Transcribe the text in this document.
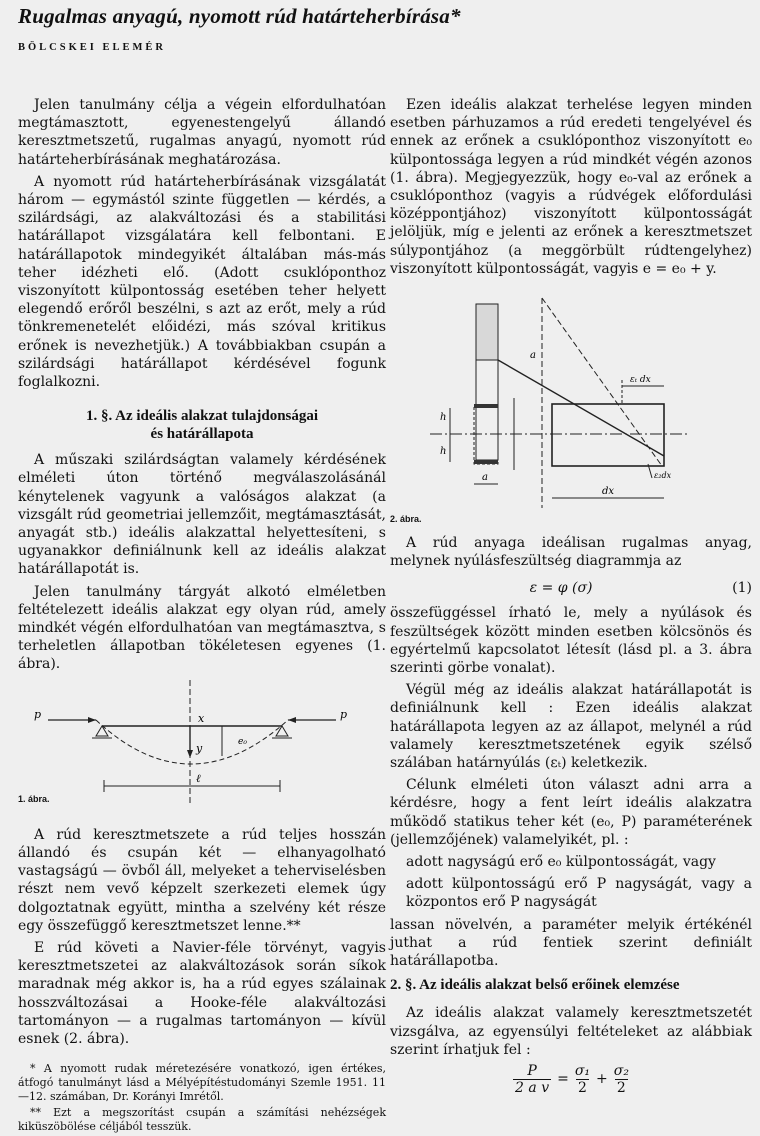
Rugalmas anyagú, nyomott rúd határteherbírása*
BÖLCSKEI ELEMÉR

Jelen tanulmány célja a végein elfordulhatóan megtámasztott, egyenestengelyű állandó keresztmetszetű, rugalmas anyagú, nyomott rúd határteherbírásának meghatározása.

A nyomott rúd határteherbírásának vizsgálatát három — egymástól szinte független — kérdés, a szilárdsági, az alakváltozási és a stabilitási határállapot vizsgálatára kell felbontani. E határállapotok mindegyikét általában más-más teher idézheti elő. (Adott csuklóponthoz viszonyított külpontosság esetében teher helyett elegendő erőről beszélni, s azt az erőt, mely a rúd tönkremenetelét előidézi, más szóval kritikus erőnek is nevezhetjük.) A továbbiakban csupán a szilárdsági határállapot kérdésével fogunk foglalkozni.

1. §. Az ideális alakzat tulajdonságai
és határállapota

A műszaki szilárdságtan valamely kérdésének elméleti úton történő megválaszolásánál kénytelenek vagyunk a valóságos alakzat (a vizsgált rúd geometriai jellemzőit, megtámasztását, anyagát stb.) ideális alakzattal helyettesíteni, s ugyanakkor definiálnunk kell az ideális alakzat határállapotát is.

Jelen tanulmány tárgyát alkotó elméletben feltételezett ideális alakzat egy olyan rúd, amely mindkét végén elfordulhatóan van megtámasztva, s terheletlen állapotban tökéletesen egyenes (1. ábra).

p	p
x
y
ℓ
e₀
1. ábra.

A rúd keresztmetszete a rúd teljes hosszán állandó és csupán két — elhanyagolható vastagságú — övből áll, melyeket a teherviselésben részt nem vevő képzelt szerkezeti elemek úgy dolgoztatnak együtt, mintha a szelvény két része egy összefüggő keresztmetszet lenne.**

E rúd követi a Navier-féle törvényt, vagyis keresztmetszetei az alakváltozások során síkok maradnak még akkor is, ha a rúd egyes szálainak hosszváltozásai a Hooke-féle alakváltozási tartományon — a rugalmas tartományon — kívül esnek (2. ábra).

* A nyomott rudak méretezésére vonatkozó, igen értékes, átfogó tanulmányt lásd a Mélyépítéstudományi Szemle 1951. 11—12. számában, Dr. Korányi Imrétől.

** Ezt a megszorítást csupán a számítási nehézségek kiküszöbölése céljából tesszük.

Ezen ideális alakzat terhelése legyen minden esetben párhuzamos a rúd eredeti tengelyével és ennek az erőnek a csuklóponthoz viszonyított e₀ külpontossága legyen a rúd mindkét végén azonos (1. ábra). Megjegyezzük, hogy e₀-val az erőnek a csuklóponthoz (vagyis a rúdvégek előfordulási középpontjához) viszonyított külpontosságát jelöljük, míg e jelenti az erőnek a keresztmetszet súlypontjához (a meggörbült rúdtengelyhez) viszonyított külpontosságát, vagyis e = e₀ + y.

a
h
h
a
εₜ dx
ε₂dx
dx
2. ábra.

A rúd anyaga ideálisan rugalmas anyag, melynek nyúlásfeszültség diagrammja az

ε = φ (σ)	(1)

összefüggéssel írható le, mely a nyúlások és feszültségek között minden esetben kölcsönös és egyértelmű kapcsolatot létesít (lásd pl. a 3. ábra szerinti görbe vonalat).

Végül még az ideális alakzat határállapotát is definiálnunk kell : Ezen ideális alakzat határállapota legyen az az állapot, melynél a rúd valamely keresztmetszetének egyik szélső szálában határnyúlás (εₜ) keletkezik.

Célunk elméleti úton választ adni arra a kérdésre, hogy a fent leírt ideális alakzatra működő statikus teher két (e₀, P) paraméterének (jellemzőjének) valamelyikét, pl. :

adott nagyságú erő e₀ külpontosságát, vagy

adott külpontosságú erő P nagyságát, vagy a központos erő P nagyságát

lassan növelvén, a paraméter melyik értékénél juthat a rúd fentiek szerint definiált határállapotba.

2. §. Az ideális alakzat belső erőinek elemzése

Az ideális alakzat valamely keresztmetszetét vizsgálva, az egyensúlyi feltételeket az alábbiak szerint írhatjuk fel :

$\frac{P}{\text{2 a v}} = \frac{\text{σ₁}}{2} + \frac{\text{σ₂}}{2}$
